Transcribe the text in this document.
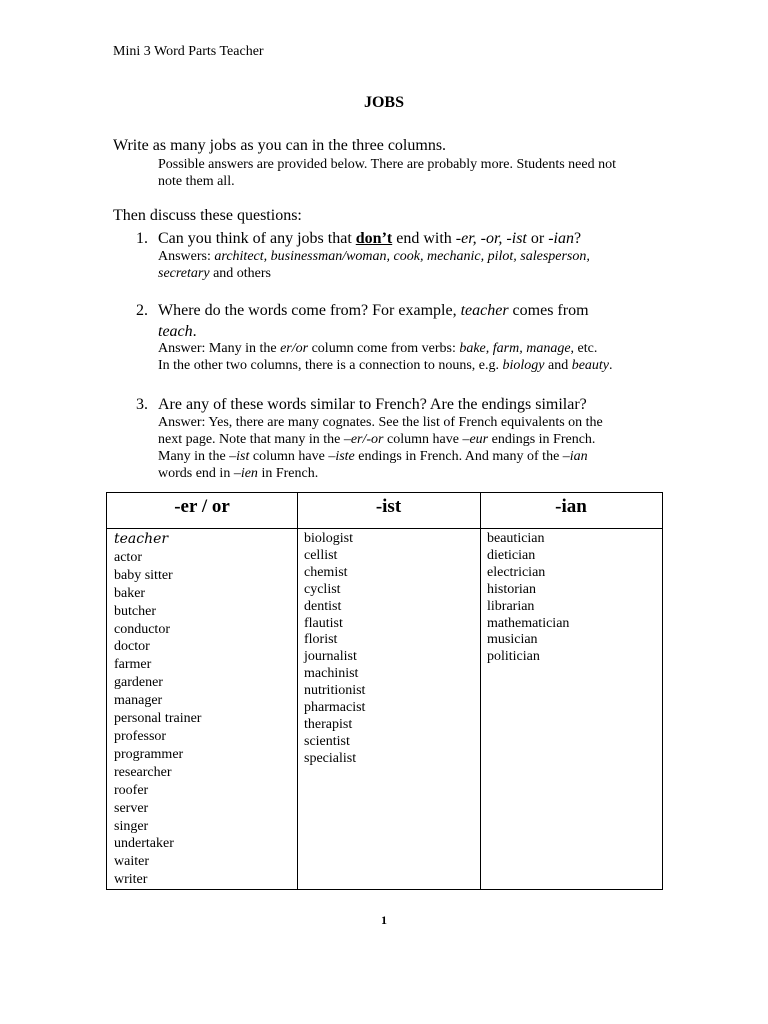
Mini 3 Word Parts Teacher
JOBS
Write as many jobs as you can in the three columns.
Possible answers are provided below. There are probably more. Students need not note them all.
Then discuss these questions:
1. Can you think of any jobs that don’t end with -er, -or, -ist or -ian?
Answers: architect, businessman/woman, cook, mechanic, pilot, salesperson, secretary and others
2. Where do the words come from? For example, teacher comes from
teach.
Answer: Many in the er/or column come from verbs: bake, farm, manage, etc.
In the other two columns, there is a connection to nouns, e.g. biology and beauty.
3. Are any of these words similar to French? Are the endings similar?
Answer: Yes, there are many cognates. See the list of French equivalents on the
next page. Note that many in the –er/-or column have –eur endings in French.
Many in the –ist column have –iste endings in French. And many of the –ian
words end in –ien in French.
-er / or
teacher
actor
baby sitter
baker
butcher
conductor
doctor
farmer
gardener
manager
personal trainer
professor
programmer
researcher
roofer
server
singer
undertaker
waiter
writer
-ist
biologist
cellist
chemist
cyclist
dentist
flautist
florist
journalist
machinist
nutritionist
pharmacist
therapist
scientist
specialist
-ian
beautician
dietician
electrician
historian
librarian
mathematician
musician
politician
1
